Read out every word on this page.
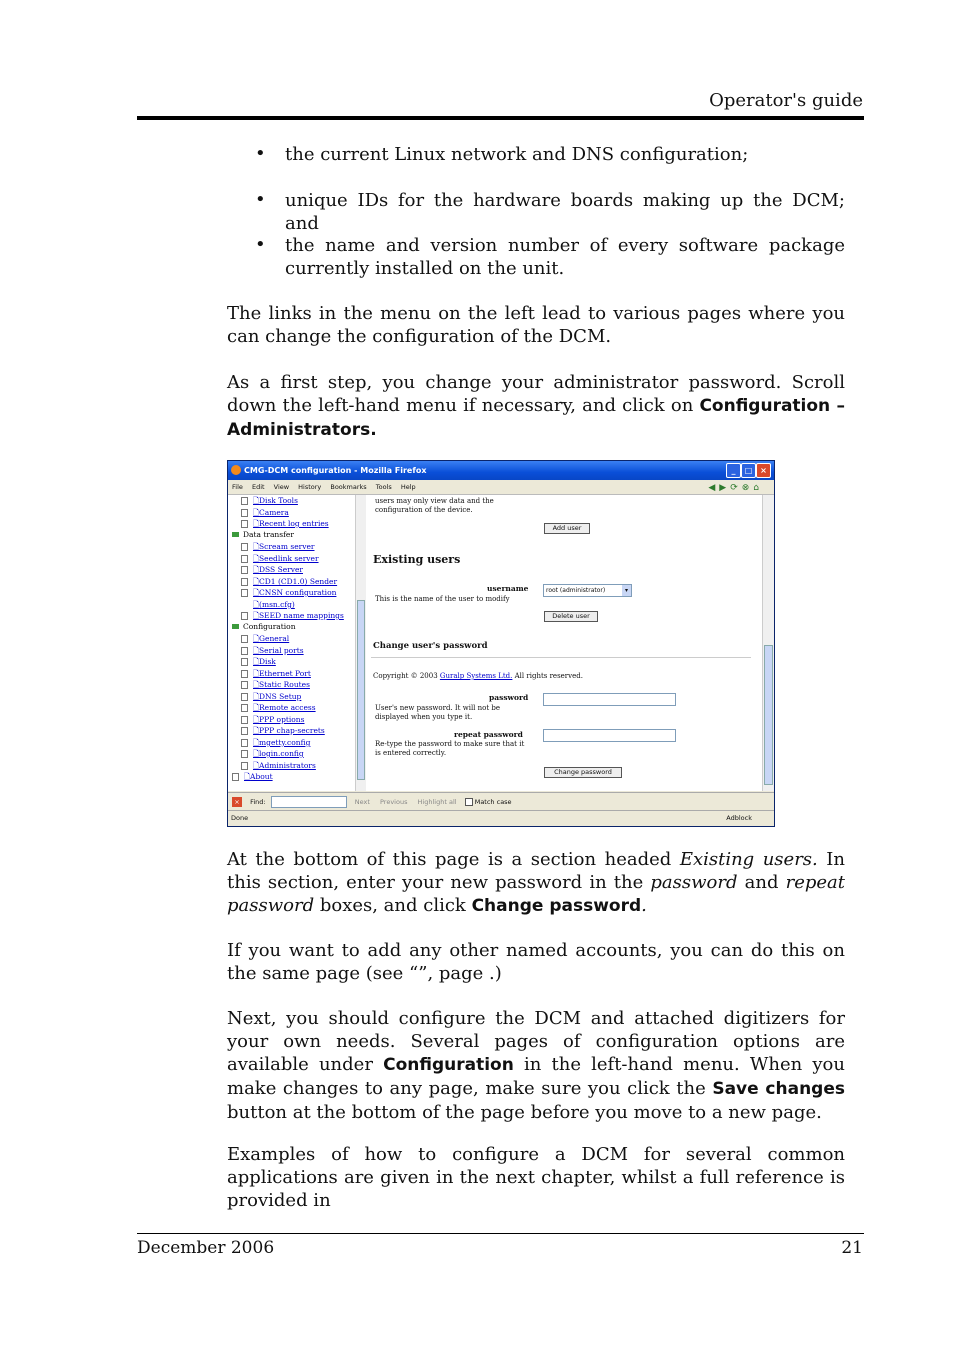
Operator's guide
• the current Linux network and DNS configuration;
• unique IDs for the hardware boards making up the DCM; and
• the name and version number of every software package currently installed on the unit.
The links in the menu on the left lead to various pages where you can change the configuration of the DCM.
As a first step, you change your administrator password. Scroll down the left-hand menu if necessary, and click on Configuration – Administrators.
CMG-DCM configuration - Mozilla Firefox	_	□ ×
File Edit View History Bookmarks Tools Help	◀▶⟳⊗⌂
🗋 Disk Tools
🗋 Camera
🗋 Recent log entries
Data transfer
🗋 Scream server
🗋 Seedlink server
🗋 DSS Server
🗋 CD1 (CD1.0) Sender
🗋 CNSN configuration
🗋 (msn.cfg)
🗋 SEED name mappings
Configuration
🗋 General
🗋 Serial ports
🗋 Disk
🗋 Ethernet Port
🗋 Static Routes
🗋 DNS Setup
🗋 Remote access
🗋 PPP options
🗋 PPP chap-secrets
🗋 mgetty.config
🗋 login.config
🗋 Administrators
🗋 About
users may only view data and the
configuration of the device.
Add user
Existing users
username
This is the name of the user to modify
root (administrator)	▾
Delete user
Change user's password
Copyright © 2003 Guralp Systems Ltd. All rights reserved.
password
User's new password. It will not be
displayed when you type it.
repeat password
Re-type the password to make sure that it
is entered correctly.
Change password
× Find:	Next Previous Highlight all	Match case
Done	Adblock
At the bottom of this page is a section headed Existing users. In this section, enter your new password in the password and repeat password boxes, and click Change password.
If you want to add any other named accounts, you can do this on the same page (see “”, page .)
Next, you should configure the DCM and attached digitizers for your own needs. Several pages of configuration options are available under Configuration in the left-hand menu. When you make changes to any page, make sure you click the Save changes button at the bottom of the page before you move to a new page.
Examples of how to configure a DCM for several common applications are given in the next chapter, whilst a full reference is provided in
December 2006	21
